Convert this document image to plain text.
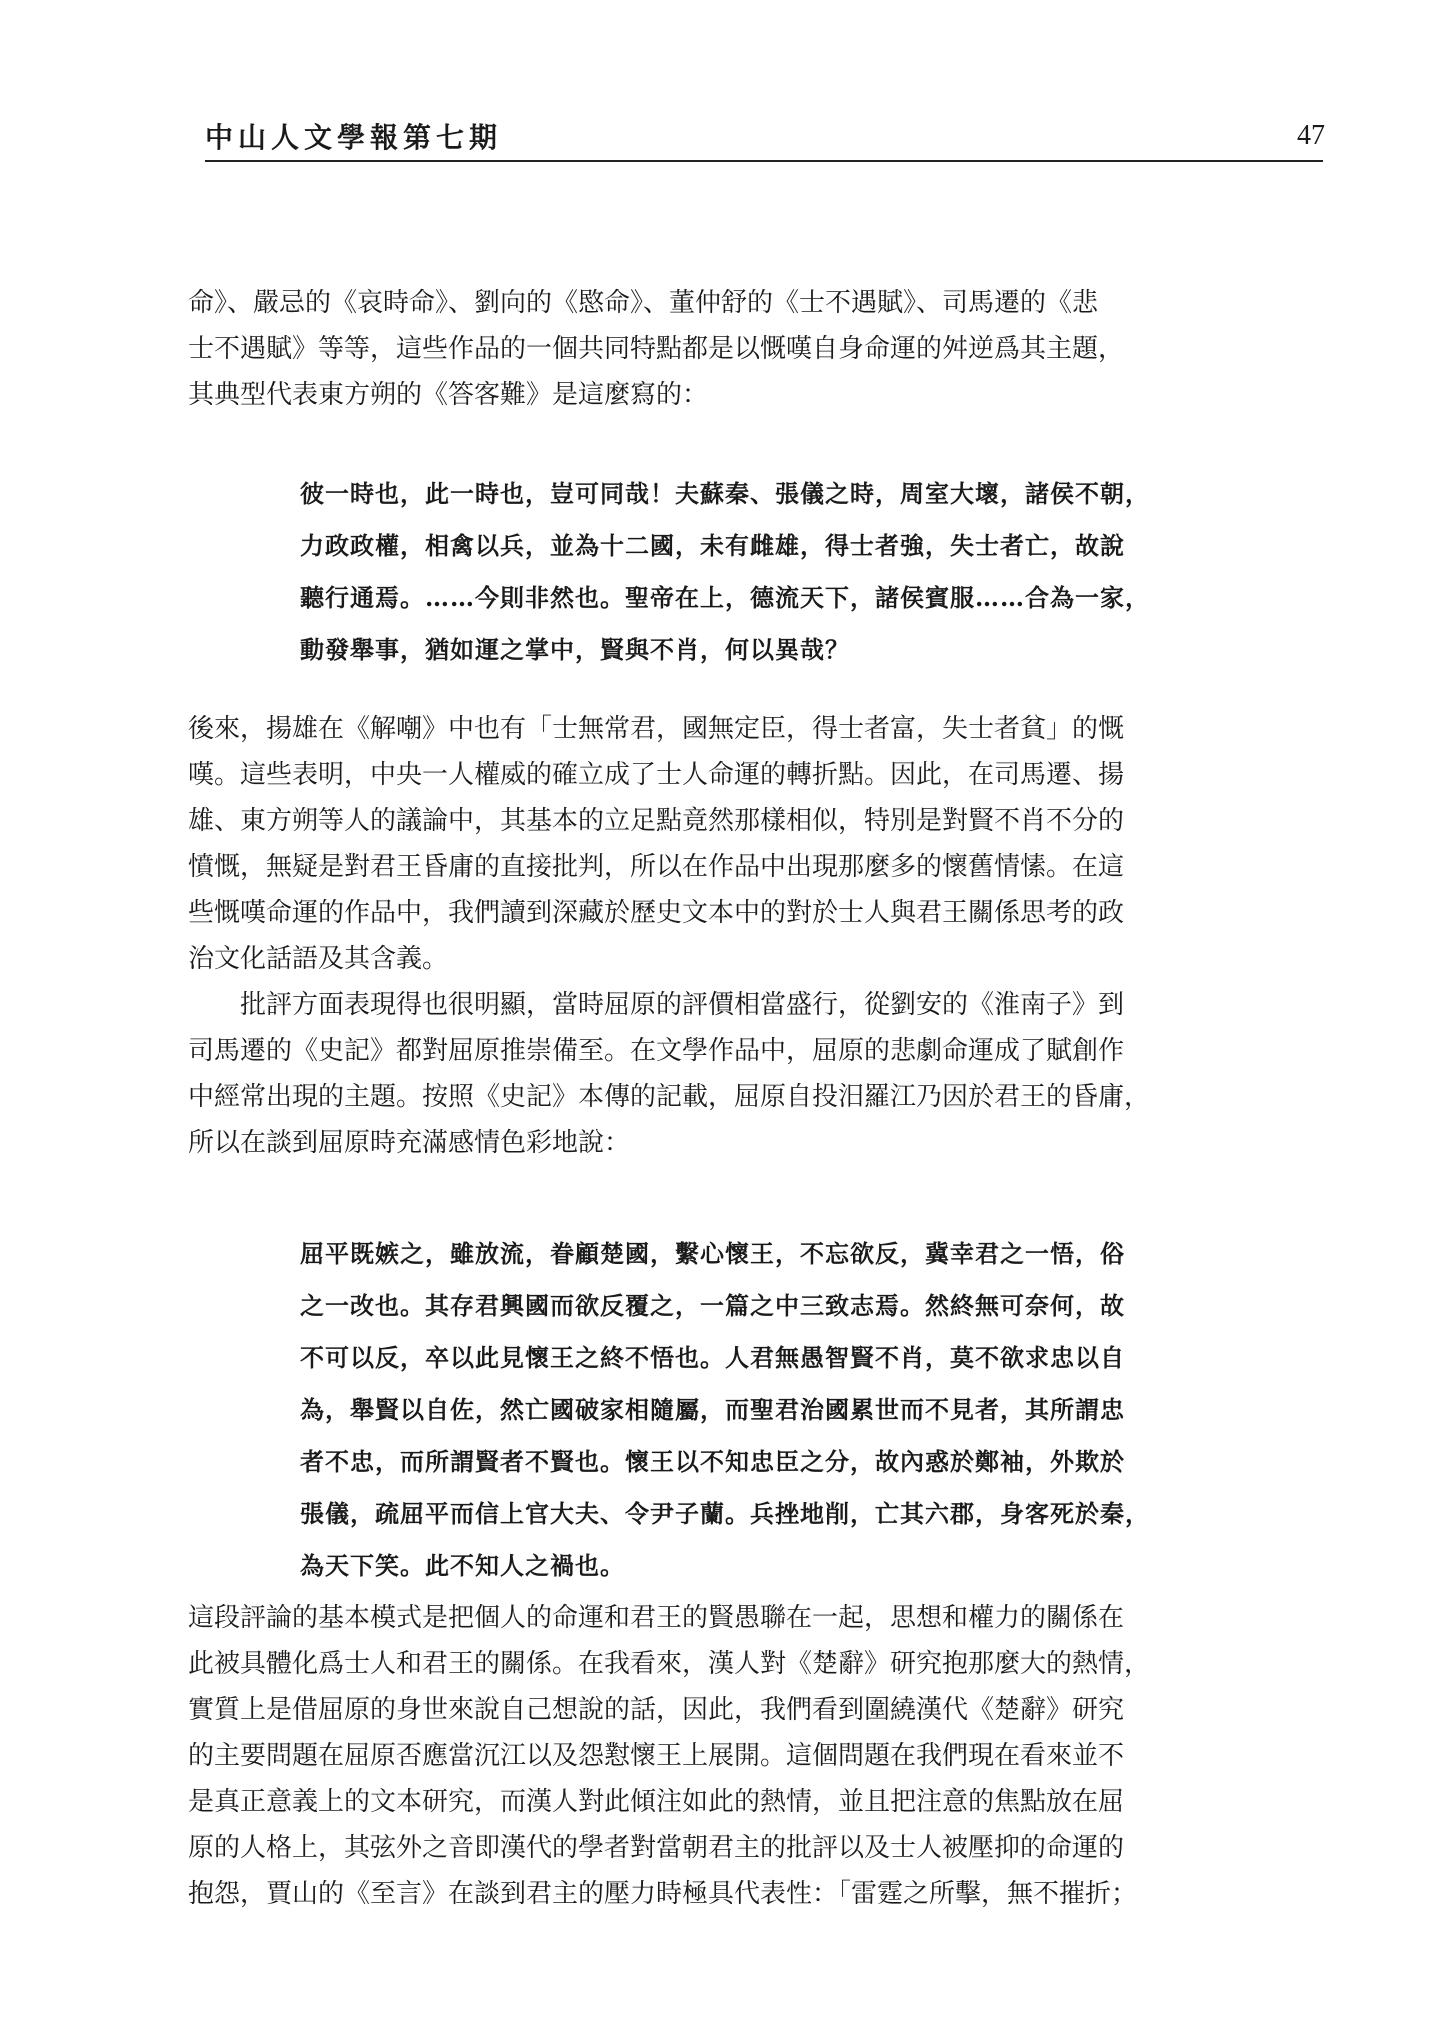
中山人文學報第七期	47
命》、嚴忌的《哀時命》、劉向的《愍命》、董仲舒的《士不遇賦》、司馬遷的《悲
士不遇賦》等等，這些作品的一個共同特點都是以慨嘆自身命運的舛逆爲其主題，
其典型代表東方朔的《答客難》是這麼寫的：
彼一時也，此一時也，豈可同哉！夫蘇秦、張儀之時，周室大壞，諸侯不朝，
力政政權，相禽以兵，並為十二國，未有雌雄，得士者強，失士者亡，故說
聽行通焉。……今則非然也。聖帝在上，德流天下，諸侯賓服……合為一家，
動發舉事，猶如運之掌中，賢與不肖，何以異哉？
後來，揚雄在《解嘲》中也有「士無常君，國無定臣，得士者富，失士者貧」的慨
嘆。這些表明，中央一人權威的確立成了士人命運的轉折點。因此，在司馬遷、揚
雄、東方朔等人的議論中，其基本的立足點竟然那樣相似，特別是對賢不肖不分的
憤慨，無疑是對君王昏庸的直接批判，所以在作品中出現那麼多的懷舊情愫。在這
些慨嘆命運的作品中，我們讀到深藏於歷史文本中的對於士人與君王關係思考的政
治文化話語及其含義。
　　批評方面表現得也很明顯，當時屈原的評價相當盛行，從劉安的《淮南子》到
司馬遷的《史記》都對屈原推崇備至。在文學作品中，屈原的悲劇命運成了賦創作
中經常出現的主題。按照《史記》本傳的記載，屈原自投汨羅江乃因於君王的昏庸，
所以在談到屈原時充滿感情色彩地說：
屈平既嫉之，雖放流，眷顧楚國，繫心懷王，不忘欲反，冀幸君之一悟，俗
之一改也。其存君興國而欲反覆之，一篇之中三致志焉。然終無可奈何，故
不可以反，卒以此見懷王之終不悟也。人君無愚智賢不肖，莫不欲求忠以自
為，舉賢以自佐，然亡國破家相隨屬，而聖君治國累世而不見者，其所謂忠
者不忠，而所謂賢者不賢也。懷王以不知忠臣之分，故內惑於鄭袖，外欺於
張儀，疏屈平而信上官大夫、令尹子蘭。兵挫地削，亡其六郡，身客死於秦，
為天下笑。此不知人之禍也。
這段評論的基本模式是把個人的命運和君王的賢愚聯在一起，思想和權力的關係在
此被具體化爲士人和君王的關係。在我看來，漢人對《楚辭》研究抱那麼大的熱情，
實質上是借屈原的身世來說自己想說的話，因此，我們看到圍繞漢代《楚辭》研究
的主要問題在屈原否應當沉江以及怨懟懷王上展開。這個問題在我們現在看來並不
是真正意義上的文本研究，而漢人對此傾注如此的熱情，並且把注意的焦點放在屈
原的人格上，其弦外之音即漢代的學者對當朝君主的批評以及士人被壓抑的命運的
抱怨，賈山的《至言》在談到君主的壓力時極具代表性：「雷霆之所擊，無不摧折；
